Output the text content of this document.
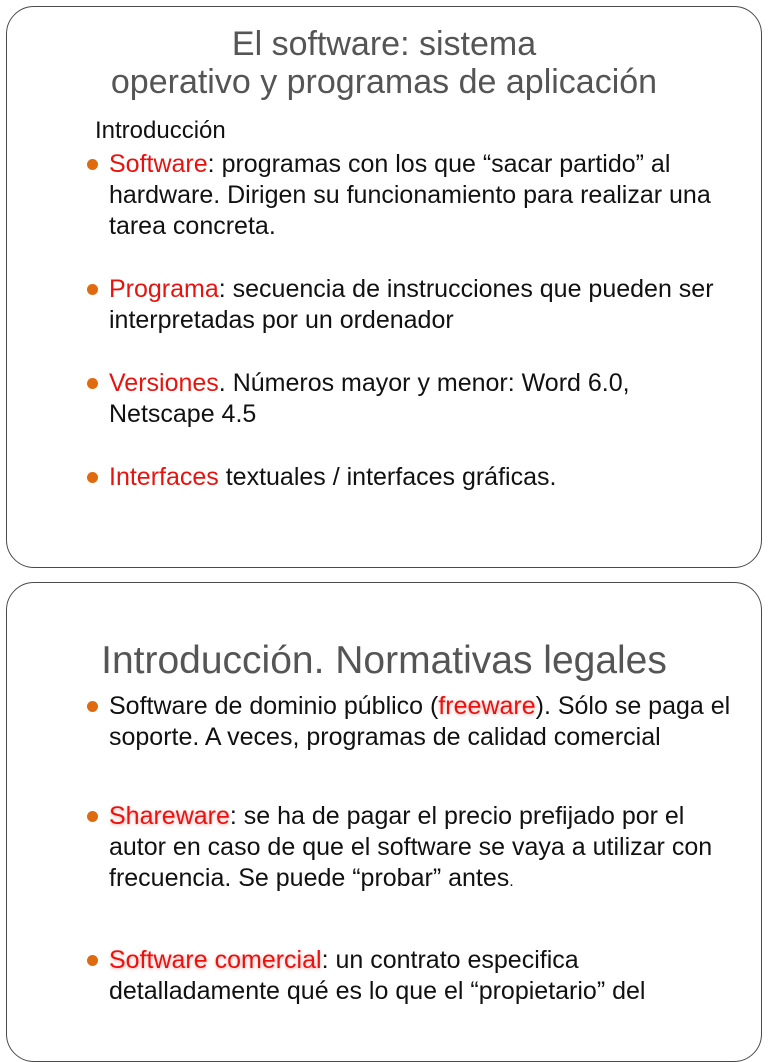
El software: sistema
operativo y programas de aplicación
Introducción
Software: programas con los que “sacar partido” al hardware. Dirigen su funcionamiento para realizar una tarea concreta.
Programa: secuencia de instrucciones que pueden ser interpretadas por un ordenador
Versiones. Números mayor y menor: Word 6.0, Netscape 4.5
Interfaces textuales / interfaces gráficas.
Introducción. Normativas legales
Software de dominio público (freeware). Sólo se paga el soporte. A veces, programas de calidad comercial
Shareware: se ha de pagar el precio prefijado por el autor en caso de que el software se vaya a utilizar con frecuencia. Se puede “probar” antes.
Software comercial: un contrato especifica detalladamente qué es lo que el “propietario” del
